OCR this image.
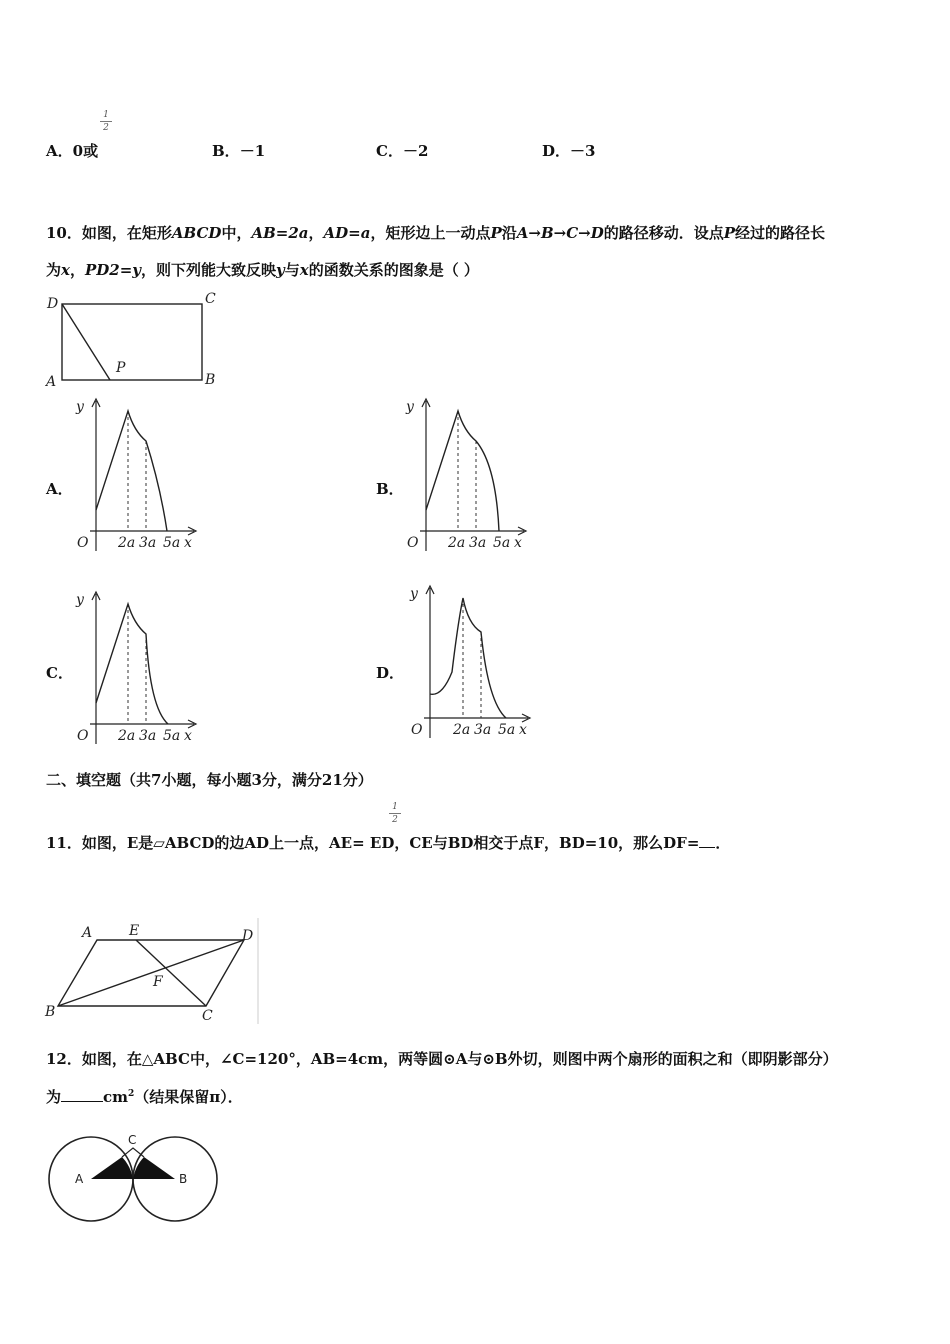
1
2
A．0或	B．－1	C．－2	D．－3
10．如图，在矩形ABCD中，AB=2a，AD=a，矩形边上一动点P沿A→B→C→D的路径移动．设点P经过的路径长
为x，PD2=y，则下列能大致反映y与x的函数关系的图象是（ ）
D	C
A	B
P
A．
y
O 2a 3a 5a x
B．
y
O 2a 3a 5a x
C．
y
O 2a 3a 5a x
D．
y
O 2a 3a 5a x
二、填空题（共7小题，每小题3分，满分21分）
1
2
11．如图，E是▱ABCD的边AD上一点，AE= ED，CE与BD相交于点F，BD=10，那么DF= ．
A	E	D
F
B	C
12．如图，在△ABC中，∠C=120°，AB=4cm，两等圆⊙A与⊙B外切，则图中两个扇形的面积之和（即阴影部分）
为	$cm^2$（结果保留π）．
A	B
C
